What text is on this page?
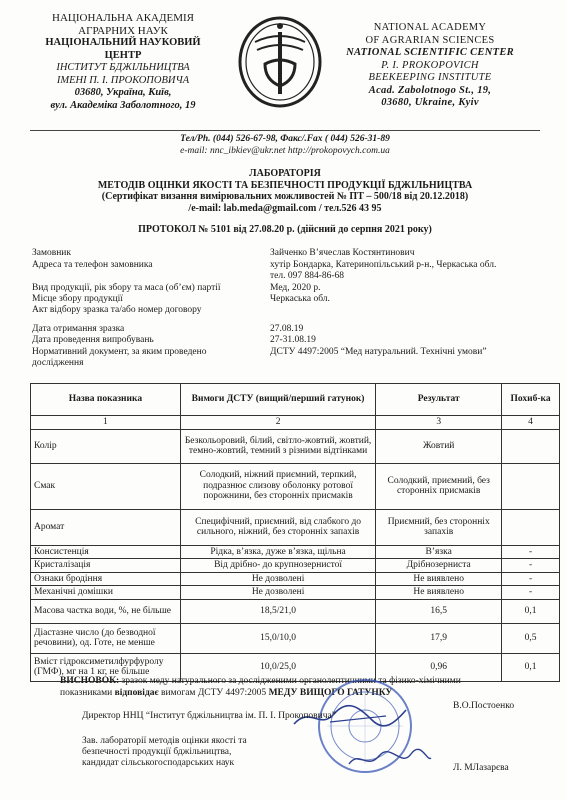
НАЦІОНАЛЬНА АКАДЕМІЯ
АГРАРНИХ НАУК
НАЦІОНАЛЬНИЙ НАУКОВИЙ
ЦЕНТР
ІНСТИТУТ БДЖІЛЬНИЦТВА
ІМЕНІ П. І. ПРОКОПОВИЧА
03680, Україна, Київ,
вул. Академіка Заболотного, 19
NATIONAL ACADEMY
OF AGRARIAN SCIENCES
NATIONAL SCIENTIFIC CENTER
P. I. PROKOPOVICH
BEEKEEPING INSTITUTE
Acad. Zabolotnogo St., 19,
03680, Ukraine, Kyiv
Тел/Ph. (044) 526-67-98, Факс/.Fax ( 044) 526-31-89
e-mail: nnc_ibkiev@ukr.net http://prokopovych.com.ua
ЛАБОРАТОРІЯ
МЕТОДІВ ОЦІНКИ ЯКОСТІ ТА БЕЗПЕЧНОСТІ ПРОДУКЦІЇ БДЖІЛЬНИЦТВА
(Сертифікат визання вимірювальних можливостей № ПТ – 500/18 від 20.12.2018)
/e-mail: lab.meda@gmail.com / тел.526 43 95
ПРОТОКОЛ № 5101 від 27.08.20 р. (дійсний до серпня 2021 року)
Замовник	Зайченко В’ячеслав Костянтинович
Адреса та телефон замовника	хутір Бондарка, Катеринопільський р-н., Черкаська обл.
тел. 097 884-86-68
Вид продукції, рік збору та маса (об’єм) партії	Мед, 2020 р.
Місце збору продукції	Черкаська обл.
Акт відбору зразка та/або номер договору
Дата отримання зразка	27.08.19
Дата проведення випробувань	27-31.08.19
Нормативний документ, за яким проведено	ДСТУ 4497:2005 “Мед натуральний. Технічні умови”
дослідження
Назва показника	Вимоги ДСТУ (вищий/перший гатунок)	Результат	Похиб-ка
1	2	3	4
Колір	Безкольоровий, білий, світло-жовтий, жовтий, темно-жовтий, темний з різними відтінками	Жовтий	
Смак	Солодкий, ніжний приємний, терпкий, подразнює слизову оболонку ротової порожнини, без сторонніх присмаків	Солодкий, приємний, без сторонніх присмаків	
Аромат	Специфічний, приємний, від слабкого до сильного, ніжний, без сторонніх запахів	Приємний, без сторонніх запахів	
Консистенція	Рідка, в’язка, дуже в’язка, щільна	В’язка	-
Кристалізація	Від дрібно- до крупнозернистої	Дрібнозерниста	-
Ознаки бродіння	Не дозволені	Не виявлено	-
Механічні домішки	Не дозволені	Не виявлено	-
Масова частка води, %, не більше	18,5/21,0	16,5	0,1
Діастазне число (до безводної речовини), од. Готе, не менше	15,0/10,0	17,9	0,5
Вміст гідроксиметилфурфуролу (ГМФ), мг на 1 кг, не більше	10,0/25,0	0,96	0,1
ВИСНОВОК: зразок меду натурального за дослідженими органолептичними та фізико-хімічними
показниками відповідає вимогам ДСТУ 4497:2005 МЕДУ ВИЩОГО ГАТУНКУ
Директор ННЦ “Інститут бджільництва ім. П. І. Прокоповича”
В.О.Постоенко
Зав. лабораторії методів оцінки якості та
безпечності продукції бджільництва,
кандидат сільськогосподарських наук	Л. МЛазарєва
